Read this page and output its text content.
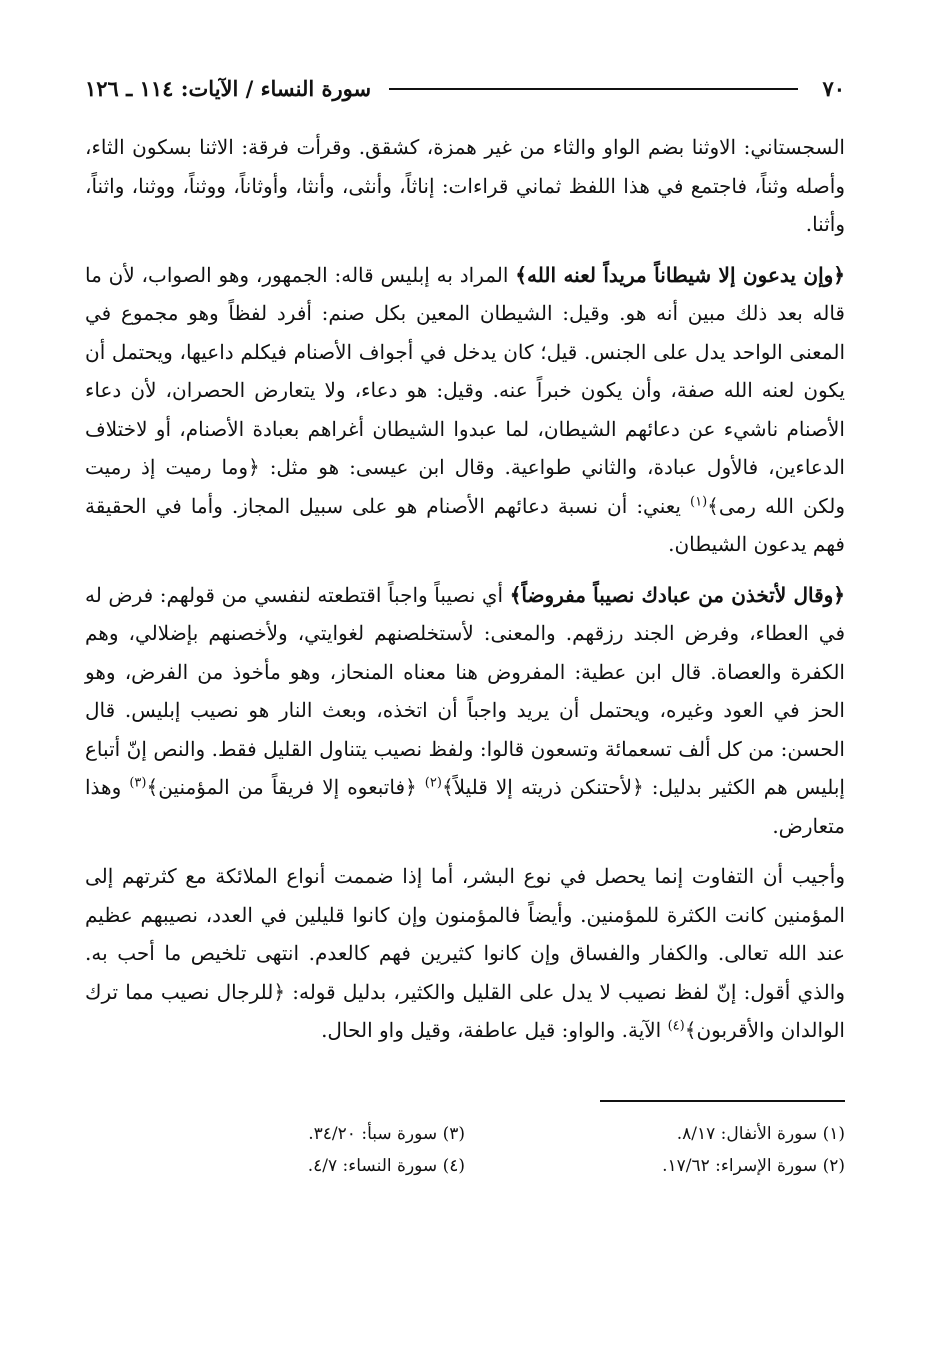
٧٠
سورة النساء / الآيات: ١١٤ ـ ١٢٦

السجستاني: الاوثنا بضم الواو والثاء من غير همزة، كشقق. وقرأت فرقة: الاثنا بسكون الثاء، وأصله وثناً، فاجتمع في هذا اللفظ ثماني قراءات: إناثاً، وأنثى، وأنثا، وأوثاناً، ووثناً، ووثنا، واثناً، وأثنا.

﴿وإن يدعون إلا شيطاناً مريداً لعنه الله﴾ المراد به إبليس قاله: الجمهور، وهو الصواب، لأن ما قاله بعد ذلك مبين أنه هو. وقيل: الشيطان المعين بكل صنم: أفرد لفظاً وهو مجموع في المعنى الواحد يدل على الجنس. قيل؛ كان يدخل في أجواف الأصنام فيكلم داعيها، ويحتمل أن يكون لعنه الله صفة، وأن يكون خبراً عنه. وقيل: هو دعاء، ولا يتعارض الحصران، لأن دعاء الأصنام ناشيء عن دعائهم الشيطان، لما عبدوا الشيطان أغراهم بعبادة الأصنام، أو لاختلاف الدعاءين، فالأول عبادة، والثاني طواعية. وقال ابن عيسى: هو مثل: ﴿وما رميت إذ رميت ولكن الله رمى﴾$^{(١)}$ يعني: أن نسبة دعائهم الأصنام هو على سبيل المجاز. وأما في الحقيقة فهم يدعون الشيطان.

﴿وقال لأتخذن من عبادك نصيباً مفروضاً﴾ أي نصيباً واجباً اقتطعته لنفسي من قولهم: فرض له في العطاء، وفرض الجند رزقهم. والمعنى: لأستخلصنهم لغوايتي، ولأخصنهم بإضلالي، وهم الكفرة والعصاة. قال ابن عطية: المفروض هنا معناه المنحاز، وهو مأخوذ من الفرض، وهو الحز في العود وغيره، ويحتمل أن يريد واجباً أن اتخذه، وبعث النار هو نصيب إبليس. قال الحسن: من كل ألف تسعمائة وتسعون قالوا: ولفظ نصيب يتناول القليل فقط. والنص إنّ أتباع إبليس هم الكثير بدليل: ﴿لأحتنكن ذريته إلا قليلاً﴾$^{(٢)}$ ﴿فاتبعوه إلا فريقاً من المؤمنين﴾$^{(٣)}$ وهذا متعارض.

وأجيب أن التفاوت إنما يحصل في نوع البشر، أما إذا ضممت أنواع الملائكة مع كثرتهم إلى المؤمنين كانت الكثرة للمؤمنين. وأيضاً فالمؤمنون وإن كانوا قليلين في العدد، نصيبهم عظيم عند الله تعالى. والكفار والفساق وإن كانوا كثيرين فهم كالعدم. انتهى تلخيص ما أحب به. والذي أقول: إنّ لفظ نصيب لا يدل على القليل والكثير، بدليل قوله: ﴿للرجال نصيب مما ترك الوالدان والأقربون﴾$^{(٤)}$ الآية. والواو: قيل عاطفة، وقيل واو الحال.

(١) سورة الأنفال: ٨/١٧.
(٣) سورة سبأ: ٣٤/٢٠.
(٢) سورة الإسراء: ١٧/٦٢.
(٤) سورة النساء: ٤/٧.
